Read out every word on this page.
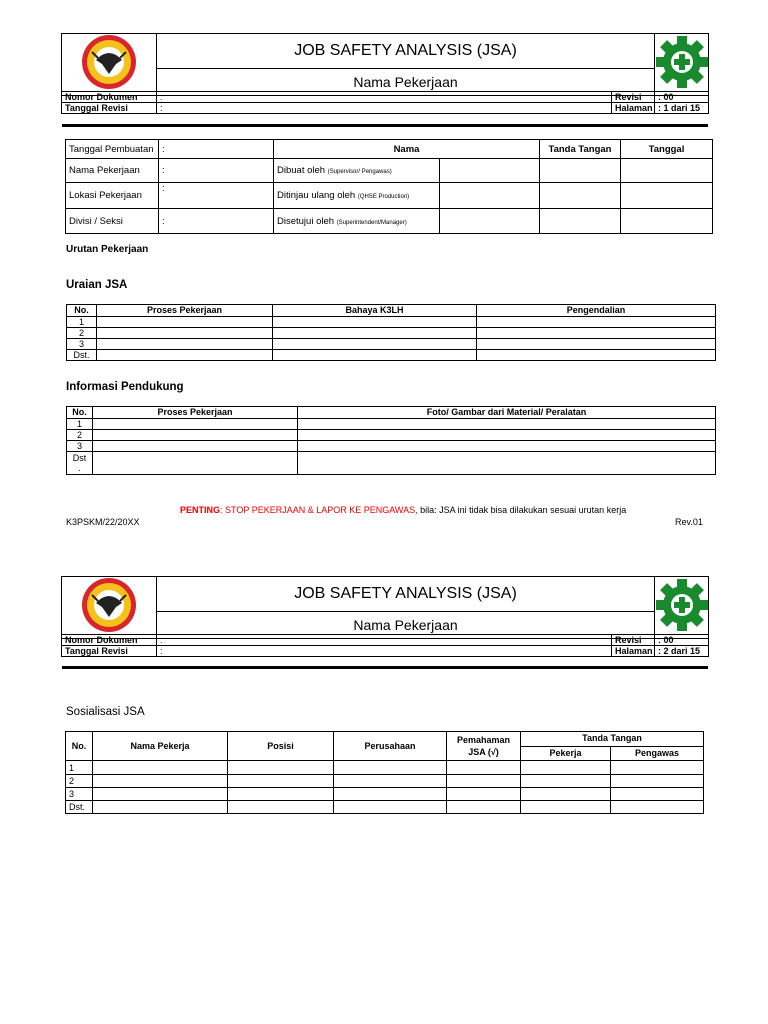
	JOB SAFETY ANALYSIS (JSA)	
Nama Pekerjaan
Nomor Dokumen	:	Revisi	: 00
Tanggal Revisi	:	Halaman	: 1 dari 15
Tanggal Pembuatan	:	Nama		Tanda Tangan	Tanggal
Nama Pekerjaan	:	Dibuat oleh (Supervisor/ Pengawas)			
Lokasi Pekerjaan	:	Ditinjau ulang oleh (QHSE Production)			
Divisi / Seksi	:	Disetujui oleh (Superintendent/Manager)			
Urutan Pekerjaan
Uraian JSA
No.	Proses Pekerjaan	Bahaya K3LH	Pengendalian
1			
2			
3			
Dst.			
Informasi Pendukung
No.	Proses Pekerjaan	Foto/ Gambar dari Material/ Peralatan
1		
2		
3		
Dst
.		
PENTING: STOP PEKERJAAN & LAPOR KE PENGAWAS, bila: JSA ini tidak bisa dilakukan sesuai urutan kerja
K3PSKM/22/20XX	Rev.01
	JOB SAFETY ANALYSIS (JSA)	
Nama Pekerjaan
Nomor Dokumen	:	Revisi	: 00
Tanggal Revisi	:	Halaman	: 2 dari 15
Sosialisasi JSA
No.	Nama Pekerja	Posisi	Perusahaan	Pemahaman
JSA (√)	Tanda Tangan	
					Pekerja	Pengawas
1						
2						
3						
Dst.						
